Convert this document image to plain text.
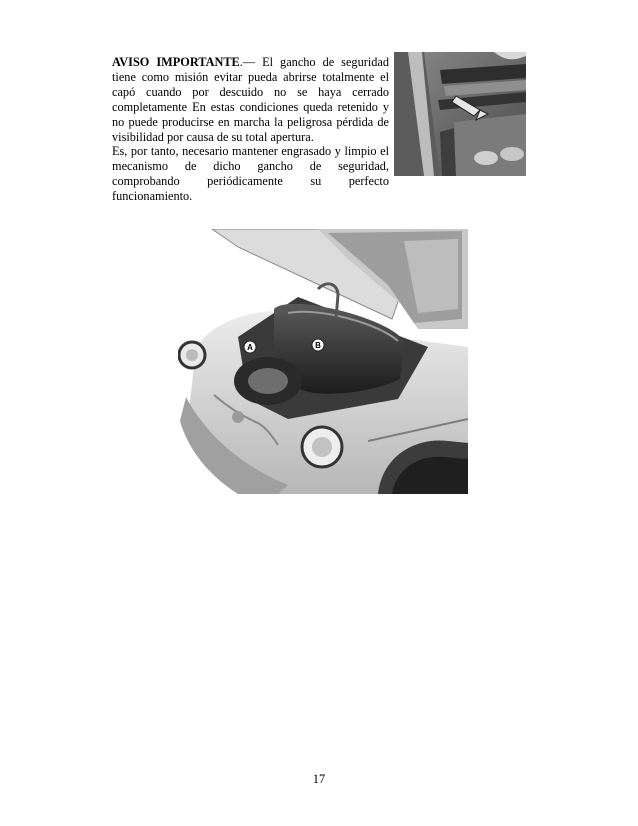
AVISO IMPORTANTE.— El gancho de seguridad tiene como misión evitar pueda abrirse totalmente el capó cuando por descuido no se haya cerrado completamente En estas condiciones queda retenido y no puede producirse en marcha la peligrosa pérdida de visibilidad por causa de su total apertura.

Es, por tanto, necesario mantener engrasado y limpio el mecanismo de dicho gancho de seguridad, comprobando periódicamente su perfecto funcionamiento.

A	B
17
